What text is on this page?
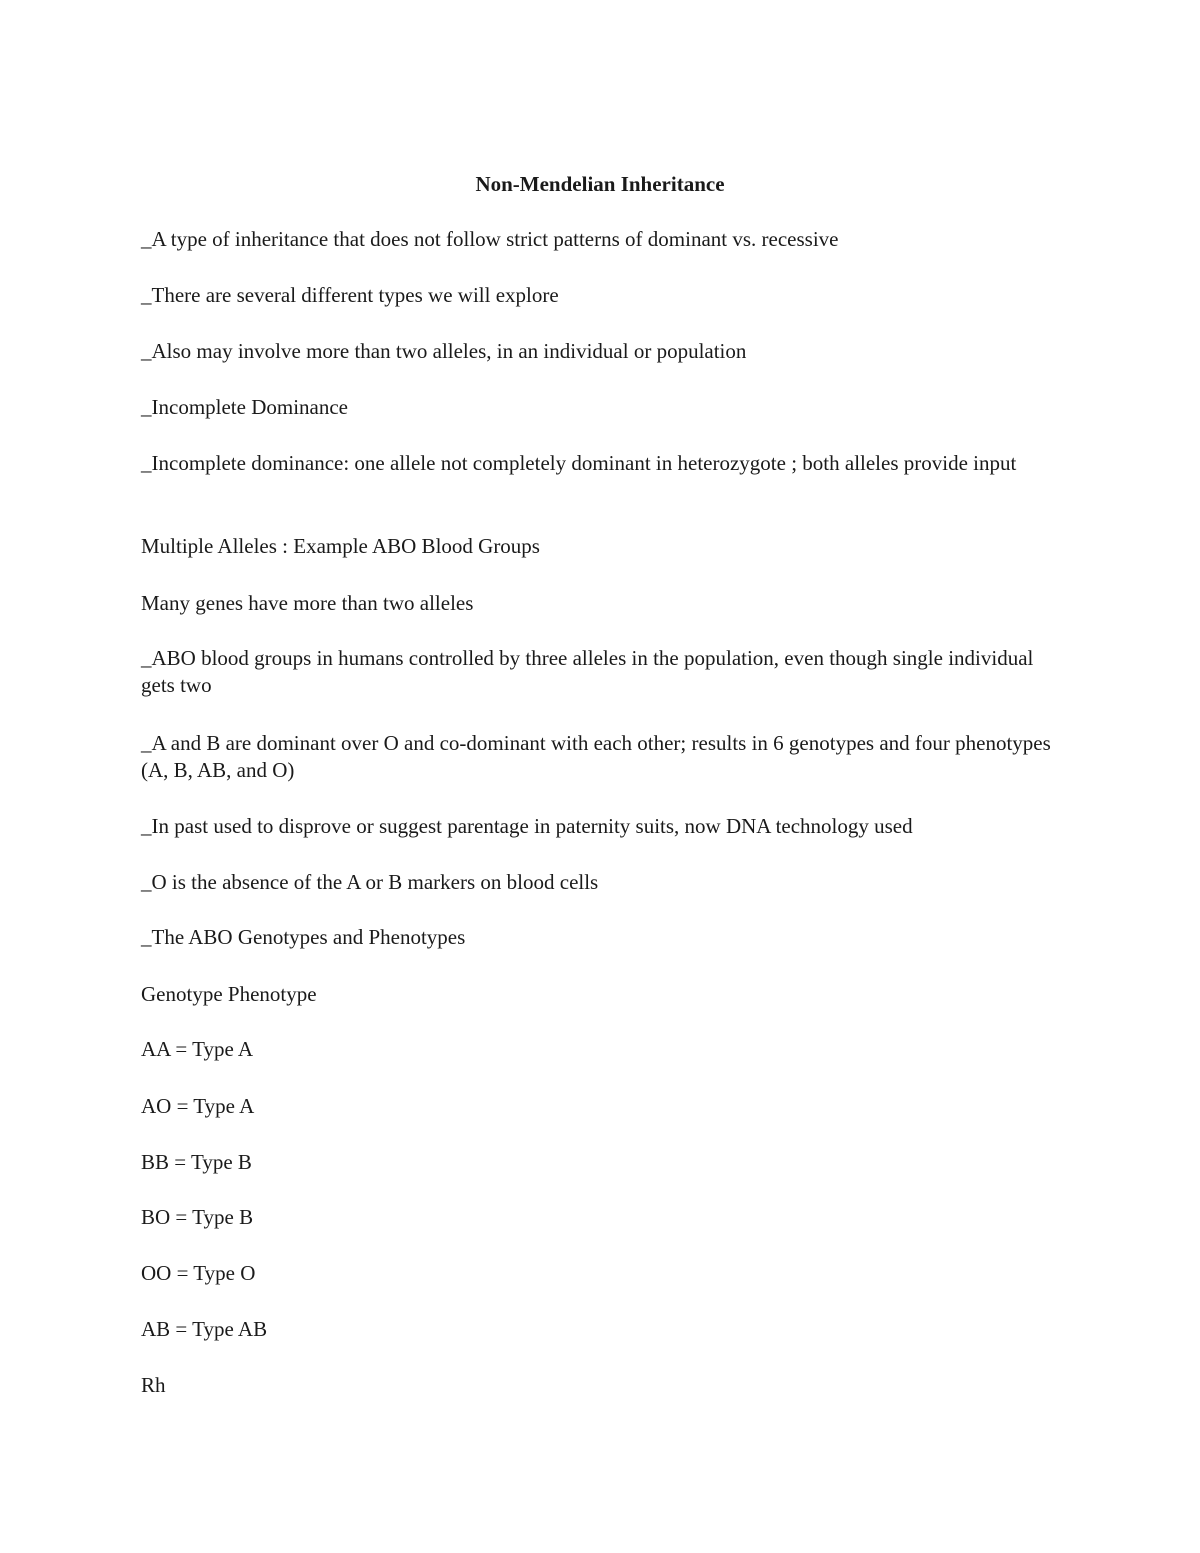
Non-Mendelian Inheritance
_A type of inheritance that does not follow strict patterns of dominant vs. recessive
_There are several different types we will explore
_Also may involve more than two alleles, in an individual or population
_Incomplete Dominance
_Incomplete dominance: one allele not completely dominant in heterozygote ; both alleles provide input
Multiple Alleles : Example ABO Blood Groups
Many genes have more than two alleles
_ABO blood groups in humans controlled by three alleles in the population, even though single individual gets two
_A and B are dominant over O and co-dominant with each other; results in 6 genotypes and four phenotypes (A, B, AB, and O)
_In past used to disprove or suggest parentage in paternity suits, now DNA technology used
_O is the absence of the A or B markers on blood cells
_The ABO Genotypes and Phenotypes
Genotype Phenotype
AA = Type A
AO = Type A
BB = Type B
BO = Type B
OO = Type O
AB = Type AB
Rh
